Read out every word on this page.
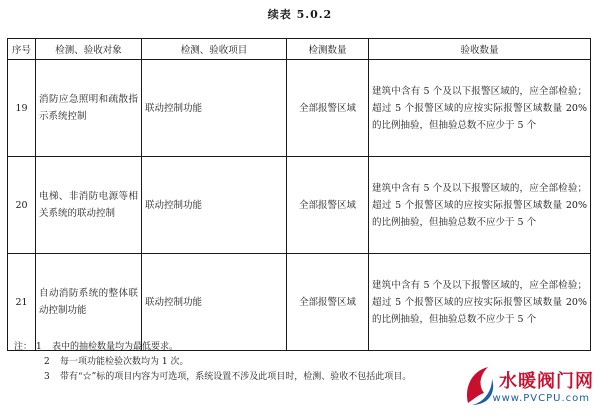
续表 5.0.2
序号	检测、验收对象	检测、验收项目	检测数量	验收数量
19	消防应急照明和疏散指示系统控制	联动控制功能	全部报警区域	建筑中含有 5 个及以下报警区域的，应全部检验；超过 5 个报警区域的应按实际报警区域数量 20% 的比例抽验，但抽验总数不应少于 5 个
20	电梯、非消防电源等相关系统的联动控制	联动控制功能	全部报警区域	建筑中含有 5 个及以下报警区域的，应全部检验；超过 5 个报警区域的应按实际报警区域数量 20% 的比例抽验，但抽验总数不应少于 5 个
21	自动消防系统的整体联动控制功能	联动控制功能	全部报警区域	建筑中含有 5 个及以下报警区域的，应全部检验；超过 5 个报警区域的应按实际报警区域数量 20% 的比例抽验，但抽验总数不应少于 5 个
注： 1 表中的抽检数量均为最低要求。
2 每一项功能检验次数均为 1 次。
3 带有“☆”标的项目内容为可选项，系统设置不涉及此项目时，检测、验收不包括此项目。	水暖阀门网
www.PVCPU.com
